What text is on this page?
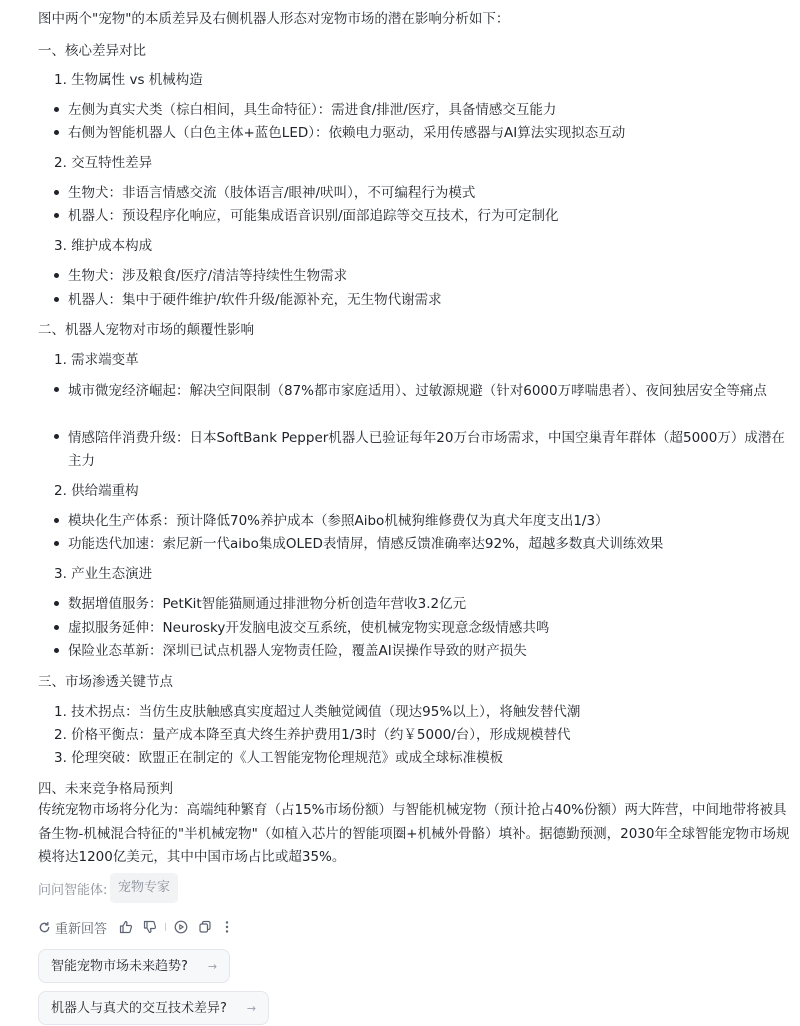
图中两个"宠物"的本质差异及右侧机器人形态对宠物市场的潜在影响分析如下：
一、核心差异对比
1. 生物属性 vs 机械构造
左侧为真实犬类（棕白相间，具生命特征）：需进食/排泄/医疗，具备情感交互能力
右侧为智能机器人（白色主体+蓝色LED）：依赖电力驱动，采用传感器与AI算法实现拟态互动
2. 交互特性差异
生物犬：非语言情感交流（肢体语言/眼神/吠叫），不可编程行为模式
机器人：预设程序化响应，可能集成语音识别/面部追踪等交互技术，行为可定制化
3. 维护成本构成
生物犬：涉及粮食/医疗/清洁等持续性生物需求
机器人：集中于硬件维护/软件升级/能源补充，无生物代谢需求
二、机器人宠物对市场的颠覆性影响
1. 需求端变革
城市微宠经济崛起：解决空间限制（87%都市家庭适用）、过敏源规避（针对6000万哮喘患者）、夜间独居安全等痛点
情感陪伴消费升级：日本SoftBank Pepper机器人已验证每年20万台市场需求，中国空巢青年群体（超5000万）成潜在主力
2. 供给端重构
模块化生产体系：预计降低70%养护成本（参照Aibo机械狗维修费仅为真犬年度支出1/3）
功能迭代加速：索尼新一代aibo集成OLED表情屏，情感反馈准确率达92%，超越多数真犬训练效果
3. 产业生态演进
数据增值服务：PetKit智能猫厕通过排泄物分析创造年营收3.2亿元
虚拟服务延伸：Neurosky开发脑电波交互系统，使机械宠物实现意念级情感共鸣
保险业态革新：深圳已试点机器人宠物责任险，覆盖AI误操作导致的财产损失
三、市场渗透关键节点
1. 技术拐点：当仿生皮肤触感真实度超过人类触觉阈值（现达95%以上），将触发替代潮
2. 价格平衡点：量产成本降至真犬终生养护费用1/3时（约￥5000/台），形成规模替代
3. 伦理突破：欧盟正在制定的《人工智能宠物伦理规范》或成全球标准模板
四、未来竞争格局预判
传统宠物市场将分化为：高端纯种繁育（占15%市场份额）与智能机械宠物（预计抢占40%份额）两大阵营，中间地带将被具备生物-机械混合特征的"半机械宠物"（如植入芯片的智能项圈+机械外骨骼）填补。据德勤预测，2030年全球智能宠物市场规模将达1200亿美元，其中中国市场占比或超35%。
问问智能体: 宠物专家
重新回答
智能宠物市场未来趋势? →
机器人与真犬的交互技术差异? →
